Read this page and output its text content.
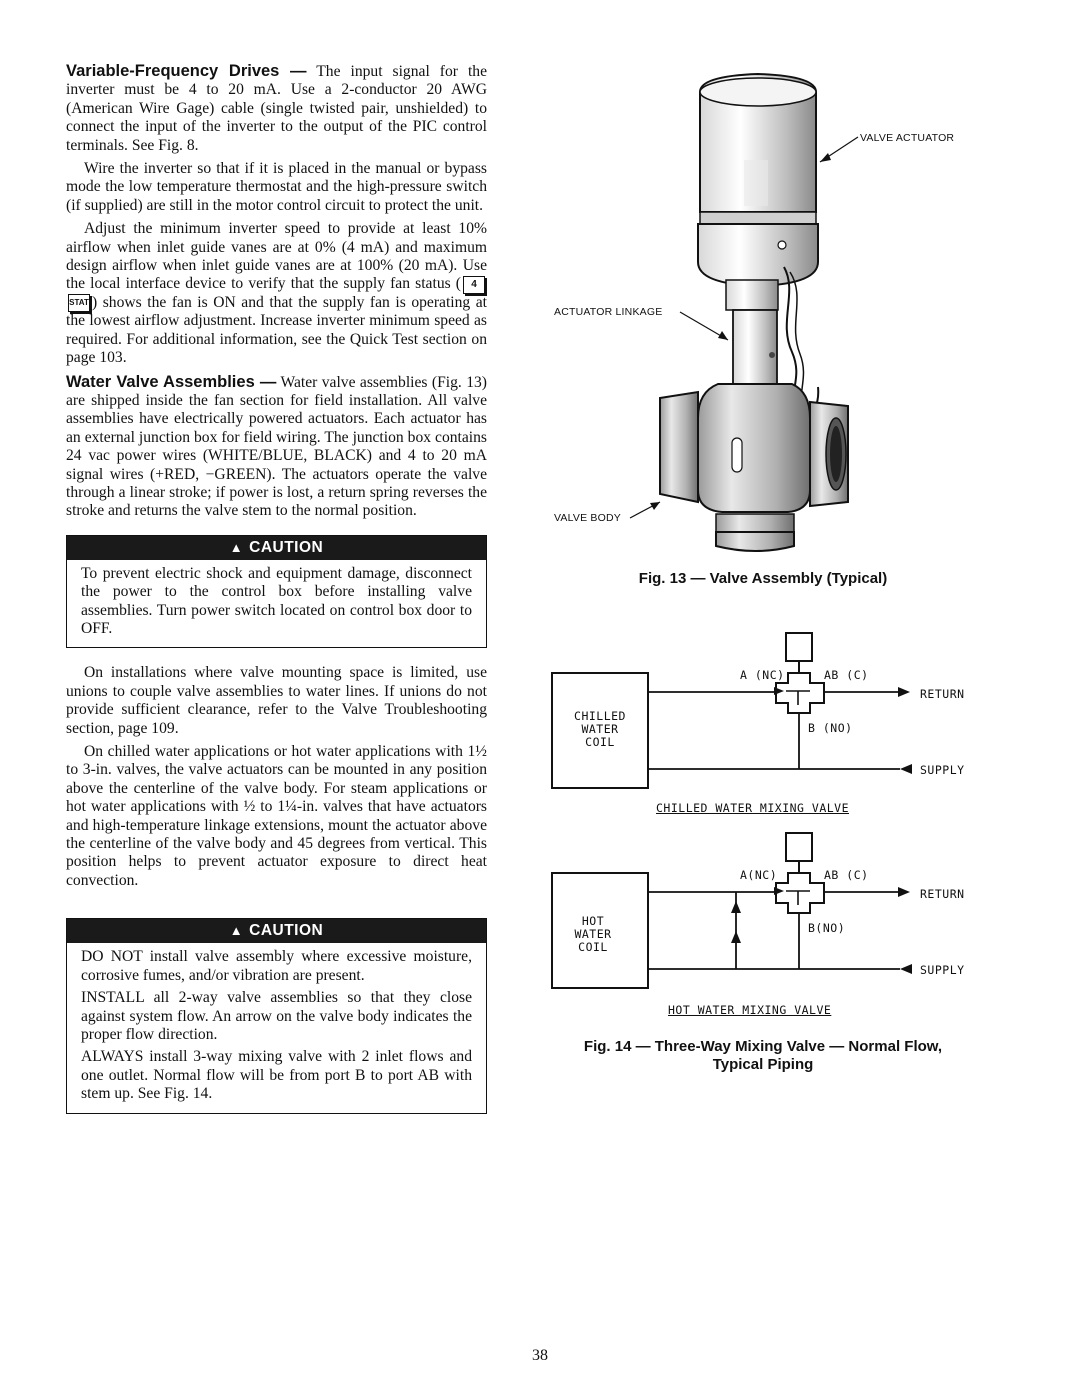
Variable-Frequency Drives — The input signal for the inverter must be 4 to 20 mA. Use a 2-conductor 20 AWG (American Wire Gage) cable (single twisted pair, unshielded) to connect the input of the inverter to the output of the PIC control terminals. See Fig. 8.

Wire the inverter so that if it is placed in the manual or bypass mode the low temperature thermostat and the high-pressure switch (if supplied) are still in the motor control circuit to protect the unit.

Adjust the minimum inverter speed to provide at least 10% airflow when inlet guide vanes are at 0% (4 mA) and maximum design airflow when inlet guide vanes are at 100% (20 mA). Use the local interface device to verify that the supply fan status ( 4STAT ) shows the fan is ON and that the supply fan is operating at the lowest airflow adjustment. Increase inverter minimum speed as required. For additional information, see the Quick Test section on page 103.

Water Valve Assemblies — Water valve assemblies (Fig. 13) are shipped inside the fan section for field installation. All valve assemblies have electrically powered actuators. Each actuator has an external junction box for field wiring. The junction box contains 24 vac power wires (WHITE/BLUE, BLACK) and 4 to 20 mA signal wires (+RED, −GREEN). The actuators operate the valve through a linear stroke; if power is lost, a return spring reverses the stroke and returns the valve stem to the normal position.

▲ CAUTION

To prevent electric shock and equipment damage, disconnect the power to the control box before installing valve assemblies. Turn power switch located on control box door to OFF.

On installations where valve mounting space is limited, use unions to couple valve assemblies to water lines. If unions do not provide sufficient clearance, refer to the Valve Troubleshooting section, page 109.

On chilled water applications or hot water applications with 1½ to 3-in. valves, the valve actuators can be mounted in any position above the centerline of the valve body. For steam applications or hot water applications with ½ to 1¼-in. valves that have actuators and high-temperature linkage extensions, mount the actuator above the centerline of the valve body and 45 degrees from vertical. This position helps to prevent actuator exposure to direct heat convection.

▲ CAUTION

DO NOT install valve assembly where excessive moisture, corrosive fumes, and/or vibration are present.

INSTALL all 2-way valve assemblies so that they close against system flow. An arrow on the valve body indicates the proper flow direction.

ALWAYS install 3-way mixing valve with 2 inlet flows and one outlet. Normal flow will be from port B to port AB with stem up. See Fig. 14.

VALVE ACTUATOR
ACTUATOR LINKAGE
VALVE BODY
Fig. 13 — Valve Assembly (Typical)
A (NC)	AB (C)
RETURN
B (NO)
SUPPLY
CHILLED
WATER
COIL
CHILLED WATER MIXING VALVE
A(NC)	AB (C)
RETURN
B(NO)
SUPPLY
HOT
WATER
COIL
HOT WATER MIXING VALVE
Fig. 14 — Three-Way Mixing Valve — Normal Flow,
Typical Piping
38
